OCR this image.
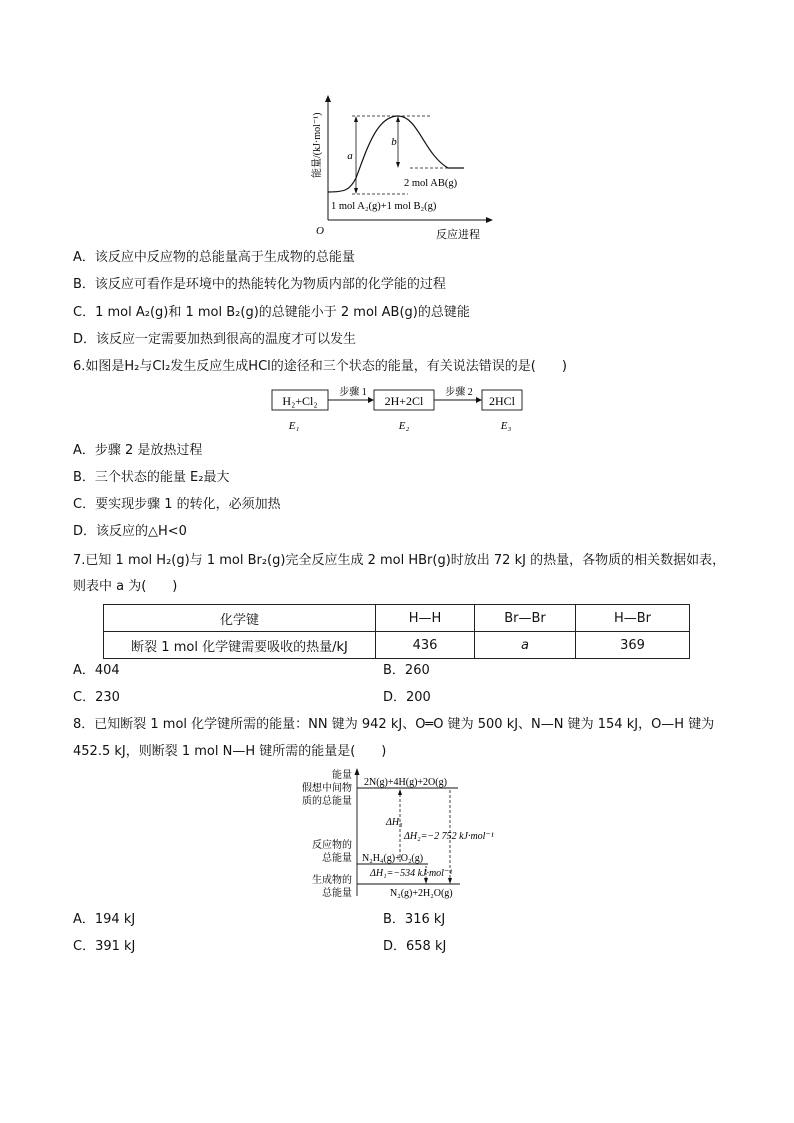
a
b
2 mol AB(g)
1 mol A₂(g)+1 mol B₂(g)
O	反应进程
能量/(kJ·mol⁻¹)
A．该反应中反应物的总能量高于生成物的总能量
B．该反应可看作是环境中的热能转化为物质内部的化学能的过程
C．1 mol A₂(g)和 1 mol B₂(g)的总键能小于 2 mol AB(g)的总键能
D．该反应一定需要加热到很高的温度才可以发生
6.如图是H₂与Cl₂发生反应生成HCl的途径和三个状态的能量，有关说法错误的是(　　)
H₂+Cl₂
步骤 1
2H+2Cl
步骤 2
2HCl
E₁	E₂	E₃
A．步骤 2 是放热过程
B．三个状态的能量 E₂最大
C．要实现步骤 1 的转化，必须加热
D．该反应的△H<0
7.已知 1 mol H₂(g)与 1 mol Br₂(g)完全反应生成 2 mol HBr(g)时放出 72 kJ 的热量，各物质的相关数据如表，
则表中 a 为(　　)
化学键	H—H	Br—Br	H—Br
断裂 1 mol 化学键需要吸收的热量/kJ	436	a	369
A．404	B．260
C．230	D．200
8．已知断裂 1 mol 化学键所需的能量：NN 键为 942 kJ、O═O 键为 500 kJ、N—N 键为 154 kJ，O—H 键为
452.5 kJ，则断裂 1 mol N—H 键所需的能量是(　　)
能量
假想中间物
质的总能量
反应物的
总能量
生成物的
总能量
2N(g)+4H(g)+2O(g)
N₂H₄(g)+O₂(g)
N₂(g)+2H₂O(g)
ΔH₃
ΔH₂=−2 752 kJ·mol⁻¹
ΔH₁=−534 kJ·mol⁻¹
A．194 kJ	B．316 kJ
C．391 kJ	D．658 kJ
